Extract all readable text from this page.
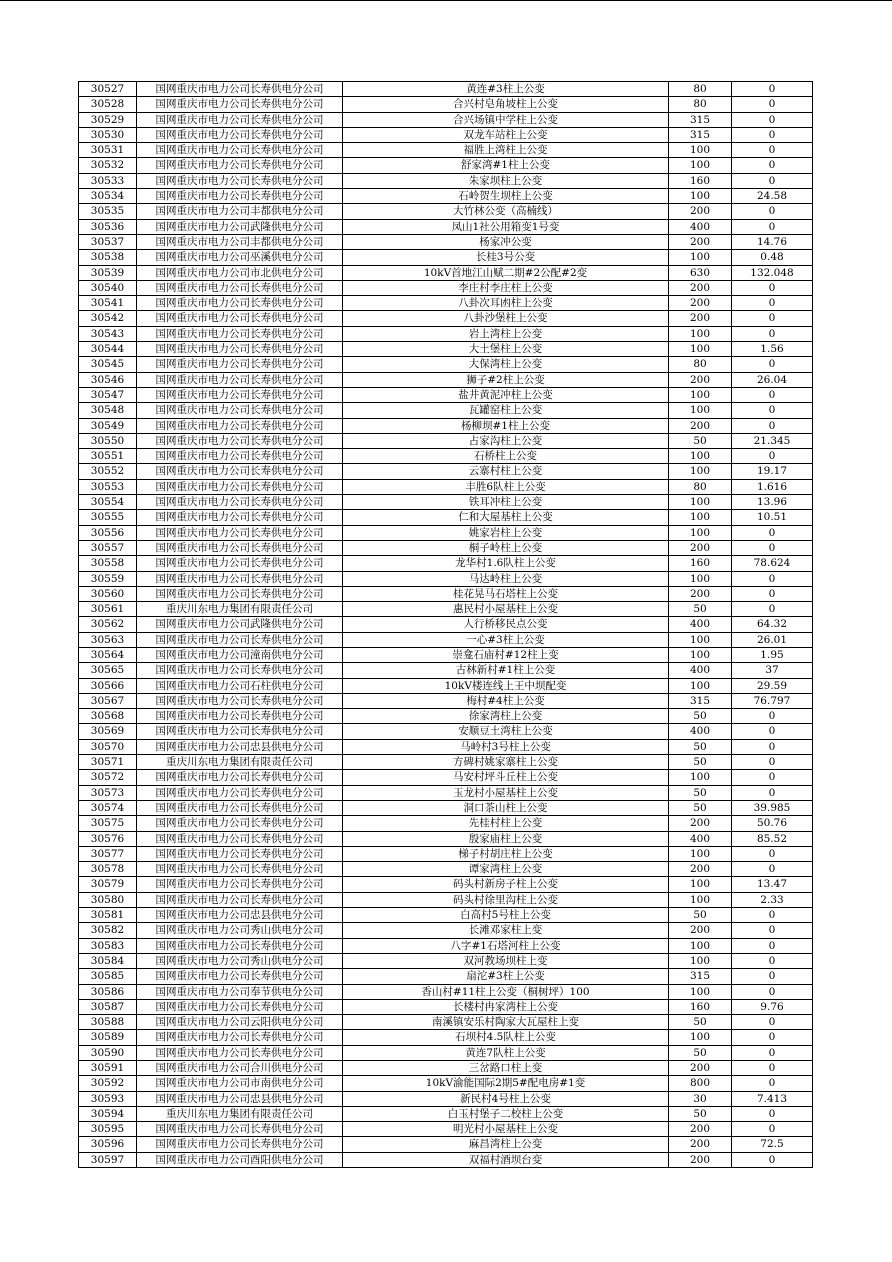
30527	国网重庆市电力公司长寿供电分公司	黄连#3柱上公变	80	0
30528	国网重庆市电力公司长寿供电分公司	合兴村皂角坡柱上公变	80	0
30529	国网重庆市电力公司长寿供电分公司	合兴场镇中学柱上公变	315	0
30530	国网重庆市电力公司长寿供电分公司	双龙车站柱上公变	315	0
30531	国网重庆市电力公司长寿供电分公司	福胜上湾柱上公变	100	0
30532	国网重庆市电力公司长寿供电分公司	舒家湾#1柱上公变	100	0
30533	国网重庆市电力公司长寿供电分公司	朱家坝柱上公变	160	0
30534	国网重庆市电力公司长寿供电分公司	石岭贺生坝柱上公变	100	24.58
30535	国网重庆市电力公司丰都供电分公司	大竹林公变（高楠线）	200	0
30536	国网重庆市电力公司武隆供电分公司	凤山1社公用箱变1号变	400	0
30537	国网重庆市电力公司丰都供电分公司	杨家冲公变	200	14.76
30538	国网重庆市电力公司巫溪供电分公司	长桂3号公变	100	0.48
30539	国网重庆市电力公司市北供电分公司	10kV首地江山赋二期#2公配#2变	630	132.048
30540	国网重庆市电力公司长寿供电分公司	李庄村李庄柱上公变	200	0
30541	国网重庆市电力公司长寿供电分公司	八卦次耳凼柱上公变	200	0
30542	国网重庆市电力公司长寿供电分公司	八卦沙堡柱上公变	200	0
30543	国网重庆市电力公司长寿供电分公司	岩上湾柱上公变	100	0
30544	国网重庆市电力公司长寿供电分公司	大土堡柱上公变	100	1.56
30545	国网重庆市电力公司长寿供电分公司	大保湾柱上公变	80	0
30546	国网重庆市电力公司长寿供电分公司	狮子#2柱上公变	200	26.04
30547	国网重庆市电力公司长寿供电分公司	盐井黄泥冲柱上公变	100	0
30548	国网重庆市电力公司长寿供电分公司	瓦罐窑柱上公变	100	0
30549	国网重庆市电力公司长寿供电分公司	杨柳坝#1柱上公变	200	0
30550	国网重庆市电力公司长寿供电分公司	占家沟柱上公变	50	21.345
30551	国网重庆市电力公司长寿供电分公司	石桥柱上公变	100	0
30552	国网重庆市电力公司长寿供电分公司	云寨村柱上公变	100	19.17
30553	国网重庆市电力公司长寿供电分公司	丰胜6队柱上公变	80	1.616
30554	国网重庆市电力公司长寿供电分公司	铁耳冲柱上公变	100	13.96
30555	国网重庆市电力公司长寿供电分公司	仁和大屋基柱上公变	100	10.51
30556	国网重庆市电力公司长寿供电分公司	姚家岩柱上公变	100	0
30557	国网重庆市电力公司长寿供电分公司	桐子岭柱上公变	200	0
30558	国网重庆市电力公司长寿供电分公司	龙华村1.6队柱上公变	160	78.624
30559	国网重庆市电力公司长寿供电分公司	马达岭柱上公变	100	0
30560	国网重庆市电力公司长寿供电分公司	桂花晃马石塔柱上公变	200	0
30561	重庆川东电力集团有限责任公司	惠民村小屋基柱上公变	50	0
30562	国网重庆市电力公司武隆供电分公司	人行桥移民点公变	400	64.32
30563	国网重庆市电力公司长寿供电分公司	一心#3柱上公变	100	26.01
30564	国网重庆市电力公司潼南供电分公司	崇龛石庙村#12柱上变	100	1.95
30565	国网重庆市电力公司长寿供电分公司	古林新村#1柱上公变	400	37
30566	国网重庆市电力公司石柱供电分公司	10kV楼连线上王中坝配变	100	29.59
30567	国网重庆市电力公司长寿供电分公司	梅村#4柱上公变	315	76.797
30568	国网重庆市电力公司长寿供电分公司	徐家湾柱上公变	50	0
30569	国网重庆市电力公司长寿供电分公司	安顺豆土湾柱上公变	400	0
30570	国网重庆市电力公司忠县供电分公司	马岭村3号柱上公变	50	0
30571	重庆川东电力集团有限责任公司	方碑村姚家寨柱上公变	50	0
30572	国网重庆市电力公司长寿供电分公司	马安村坪斗丘柱上公变	100	0
30573	国网重庆市电力公司长寿供电分公司	玉龙村小屋基柱上公变	50	0
30574	国网重庆市电力公司长寿供电分公司	洞口茶山柱上公变	50	39.985
30575	国网重庆市电力公司长寿供电分公司	先桂村柱上公变	200	50.76
30576	国网重庆市电力公司长寿供电分公司	殷家庙柱上公变	400	85.52
30577	国网重庆市电力公司长寿供电分公司	梯子村胡庄柱上公变	100	0
30578	国网重庆市电力公司长寿供电分公司	谭家湾柱上公变	200	0
30579	国网重庆市电力公司长寿供电分公司	码头村新房子柱上公变	100	13.47
30580	国网重庆市电力公司长寿供电分公司	码头村徐里沟柱上公变	100	2.33
30581	国网重庆市电力公司忠县供电分公司	白高村5号柱上公变	50	0
30582	国网重庆市电力公司秀山供电分公司	长滩邓家柱上变	200	0
30583	国网重庆市电力公司长寿供电分公司	八字#1石塔河柱上公变	100	0
30584	国网重庆市电力公司秀山供电分公司	双河教场坝柱上变	100	0
30585	国网重庆市电力公司长寿供电分公司	扇沱#3柱上公变	315	0
30586	国网重庆市电力公司奉节供电分公司	香山村#11柱上公变（桐树坪）100	100	0
30587	国网重庆市电力公司长寿供电分公司	长楼村冉家湾柱上公变	160	9.76
30588	国网重庆市电力公司云阳供电分公司	南溪镇安乐村陶家大瓦屋柱上变	50	0
30589	国网重庆市电力公司长寿供电分公司	石坝村4.5队柱上公变	100	0
30590	国网重庆市电力公司长寿供电分公司	黄连7队柱上公变	50	0
30591	国网重庆市电力公司合川供电分公司	三岔路口柱上变	200	0
30592	国网重庆市电力公司市南供电分公司	10kV渝能国际2期5#配电房#1变	800	0
30593	国网重庆市电力公司忠县供电分公司	新民村4号柱上公变	30	7.413
30594	重庆川东电力集团有限责任公司	白玉村堡子二校柱上公变	50	0
30595	国网重庆市电力公司长寿供电分公司	明光村小屋基柱上公变	200	0
30596	国网重庆市电力公司长寿供电分公司	麻昌湾柱上公变	200	72.5
30597	国网重庆市电力公司酉阳供电分公司	双福村酒坝台变	200	0
